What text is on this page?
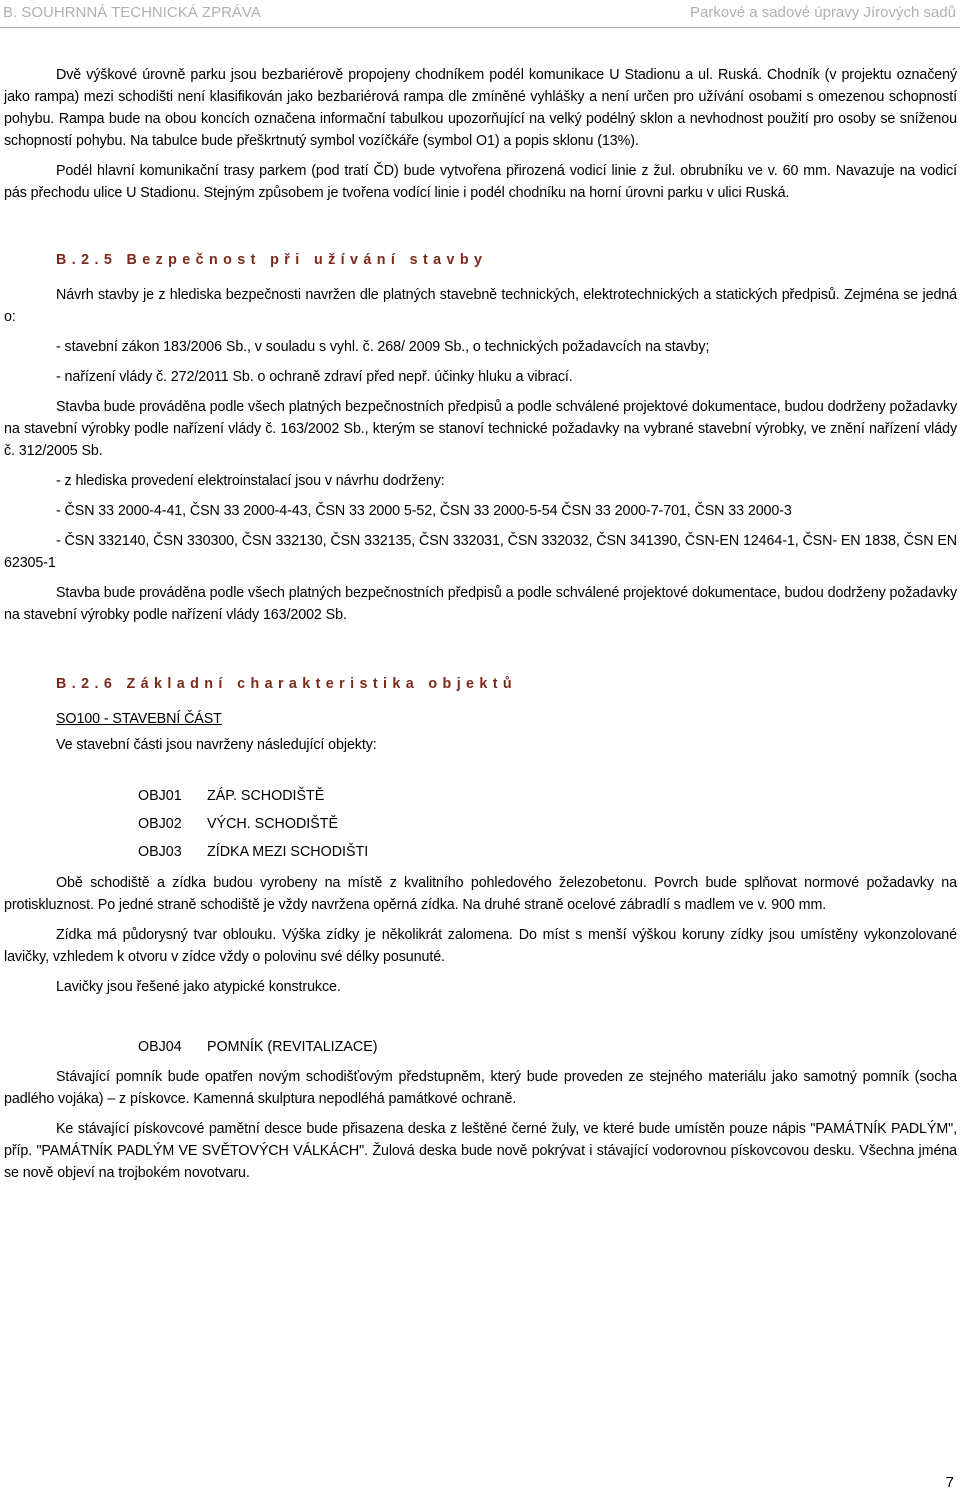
B. SOUHRNNÁ TECHNICKÁ ZPRÁVA	Parkové a sadové úpravy Jírových sadů

Dvě výškové úrovně parku jsou bezbariérově propojeny chodníkem podél komunikace U Stadionu a ul. Ruská. Chodník (v projektu označený jako rampa) mezi schodišti není klasifikován jako bezbariérová rampa dle zmíněné vyhlášky a není určen pro užívání osobami s omezenou schopností pohybu. Rampa bude na obou koncích označena informační tabulkou upozorňující na velký podélný sklon a nevhodnost použití pro osoby se sníženou schopností pohybu. Na tabulce bude přeškrtnutý symbol vozíčkáře (symbol O1) a popis sklonu (13%).

Podél hlavní komunikační trasy parkem (pod tratí ČD) bude vytvořena přirozená vodicí linie z žul. obrubníku ve v. 60 mm. Navazuje na vodicí pás přechodu ulice U Stadionu. Stejným způsobem je tvořena vodící linie i podél chodníku na horní úrovni parku v ulici Ruská.

B.2.5 Bezpečnost při užívání stavby

Návrh stavby je z hlediska bezpečnosti navržen dle platných stavebně technických, elektrotechnických a statických předpisů. Zejména se jedná o:

- stavební zákon 183/2006 Sb., v souladu s vyhl. č. 268/ 2009 Sb., o technických požadavcích na stavby;

- nařízení vlády č. 272/2011 Sb. o ochraně zdraví před nepř. účinky hluku a vibrací.

Stavba bude prováděna podle všech platných bezpečnostních předpisů a podle schválené projektové dokumentace, budou dodrženy požadavky na stavební výrobky podle nařízení vlády č. 163/2002 Sb., kterým se stanoví technické požadavky na vybrané stavební výrobky, ve znění nařízení vlády č. 312/2005 Sb.

- z hlediska provedení elektroinstalací jsou v návrhu dodrženy:

- ČSN 33 2000-4-41, ČSN 33 2000-4-43, ČSN 33 2000 5-52, ČSN 33 2000-5-54 ČSN 33 2000-7-701, ČSN 33 2000-3

- ČSN 332140, ČSN 330300, ČSN 332130, ČSN 332135, ČSN 332031, ČSN 332032, ČSN 341390, ČSN-EN 12464-1, ČSN- EN 1838, ČSN EN 62305-1

Stavba bude prováděna podle všech platných bezpečnostních předpisů a podle schválené projektové dokumentace, budou dodrženy požadavky na stavební výrobky podle nařízení vlády 163/2002 Sb.

B.2.6 Základní charakteristika objektů

SO100 - STAVEBNÍ ČÁST

Ve stavební části jsou navrženy následující objekty:

OBJ01	ZÁP. SCHODIŠTĚ
OBJ02	VÝCH. SCHODIŠTĚ
OBJ03	ZÍDKA MEZI SCHODIŠTI

Obě schodiště a zídka budou vyrobeny na místě z kvalitního pohledového železobetonu. Povrch bude splňovat normové požadavky na protiskluznost. Po jedné straně schodiště je vždy navržena opěrná zídka. Na druhé straně ocelové zábradlí s madlem ve v. 900 mm.

Zídka má půdorysný tvar oblouku. Výška zídky je několikrát zalomena. Do míst s menší výškou koruny zídky jsou umístěny vykonzolované lavičky, vzhledem k otvoru v zídce vždy o polovinu své délky posunuté.

Lavičky jsou řešené jako atypické konstrukce.

OBJ04 POMNÍK (REVITALIZACE)

Stávající pomník bude opatřen novým schodišťovým předstupněm, který bude proveden ze stejného materiálu jako samotný pomník (socha padlého vojáka) – z pískovce. Kamenná skulptura nepodléhá památkové ochraně.

Ke stávající pískovcové pamětní desce bude přisazena deska z leštěné černé žuly, ve které bude umístěn pouze nápis "PAMÁTNÍK PADLÝM", příp. "PAMÁTNÍK PADLÝM VE SVĚTOVÝCH VÁLKÁCH". Žulová deska bude nově pokrývat i stávající vodorovnou pískovcovou desku. Všechna jména se nově objeví na trojbokém novotvaru.

7
